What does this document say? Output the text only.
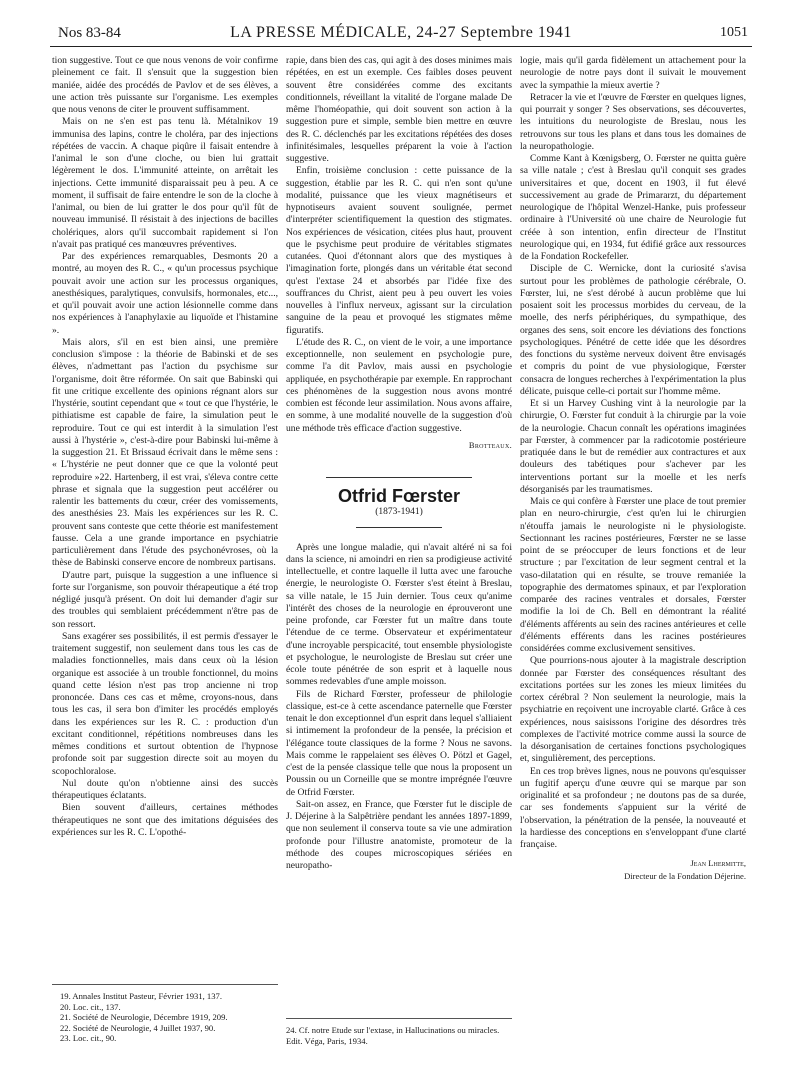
Nos 83-84	LA PRESSE MÉDICALE, 24-27 Septembre 1941	1051

tion suggestive. Tout ce que nous venons de voir confirme pleinement ce fait. Il s'ensuit que la suggestion bien maniée, aidée des procédés de Pavlov et de ses élèves, a une action très puissante sur l'organisme. Les exemples que nous venons de citer le prouvent suffisamment.

Mais on ne s'en est pas tenu là. Métalnikov 19 immunisa des lapins, contre le choléra, par des injections répétées de vaccin. A chaque piqûre il faisait entendre à l'animal le son d'une cloche, ou bien lui grattait légèrement le dos. L'immunité atteinte, on arrêtait les injections. Cette immunité disparaissait peu à peu. A ce moment, il suffisait de faire entendre le son de la cloche à l'animal, ou bien de lui gratter le dos pour qu'il fût de nouveau immunisé. Il résistait à des injections de bacilles cholériques, alors qu'il succombait rapidement si l'on n'avait pas pratiqué ces manœuvres préventives.

Par des expériences remarquables, Desmonts 20 a montré, au moyen des R. C., « qu'un processus psychique pouvait avoir une action sur les processus organiques, anesthésiques, paralytiques, convulsifs, hormonales, etc..., et qu'il pouvait avoir une action lésionnelle comme dans nos expériences à l'anaphylaxie au liquoïde et l'histamine ».

Mais alors, s'il en est bien ainsi, une première conclusion s'impose : la théorie de Babinski et de ses élèves, n'admettant pas l'action du psychisme sur l'organisme, doit être réformée. On sait que Babinski qui fit une critique excellente des opinions régnant alors sur l'hystérie, soutint cependant que « tout ce que l'hystérie, le pithiatisme est capable de faire, la simulation peut le reproduire. Tout ce qui est interdit à la simulation l'est aussi à l'hystérie », c'est-à-dire pour Babinski lui-même à la suggestion 21. Et Brissaud écrivait dans le même sens : « L'hystérie ne peut donner que ce que la volonté peut reproduire »22. Hartenberg, il est vrai, s'éleva contre cette phrase et signala que la suggestion peut accélérer ou ralentir les battements du cœur, créer des vomissements, des anesthésies 23. Mais les expériences sur les R. C. prouvent sans conteste que cette théorie est manifestement fausse. Cela a une grande importance en psychiatrie particulièrement dans l'étude des psychonévroses, où la thèse de Babinski conserve encore de nombreux partisans.

D'autre part, puisque la suggestion a une influence si forte sur l'organisme, son pouvoir thérapeutique a été trop négligé jusqu'à présent. On doit lui demander d'agir sur des troubles qui semblaient précédemment n'être pas de son ressort.

Sans exagérer ses possibilités, il est permis d'essayer le traitement suggestif, non seulement dans tous les cas de maladies fonctionnelles, mais dans ceux où la lésion organique est associée à un trouble fonctionnel, du moins quand cette lésion n'est pas trop ancienne ni trop prononcée. Dans ces cas et même, croyons-nous, dans tous les cas, il sera bon d'imiter les procédés employés dans les expériences sur les R. C. : production d'un excitant conditionnel, répétitions nombreuses dans les mêmes conditions et surtout obtention de l'hypnose profonde soit par suggestion directe soit au moyen du scopochloralose.

Nul doute qu'on n'obtienne ainsi des succès thérapeutiques éclatants.

Bien souvent d'ailleurs, certaines méthodes thérapeutiques ne sont que des imitations déguisées des expériences sur les R. C. L'opothé-

19. Annales Institut Pasteur, Février 1931, 137.
20. Loc. cit., 137.
21. Société de Neurologie, Décembre 1919, 209.
22. Société de Neurologie, 4 Juillet 1937, 90.
23. Loc. cit., 90.

rapie, dans bien des cas, qui agit à des doses minimes mais répétées, en est un exemple. Ces faibles doses peuvent souvent être considérées comme des excitants conditionnels, réveillant la vitalité de l'organe malade De même l'homéopathie, qui doit souvent son action à la suggestion pure et simple, semble bien mettre en œuvre des R. C. déclenchés par les excitations répétées des doses infinitésimales, lesquelles préparent la voie à l'action suggestive.

Enfin, troisième conclusion : cette puissance de la suggestion, établie par les R. C. qui n'en sont qu'une modalité, puissance que les vieux magnétiseurs et hypnotiseurs avaient souvent soulignée, permet d'interpréter scientifiquement la question des stigmates. Nos expériences de vésication, citées plus haut, prouvent que le psychisme peut produire de véritables stigmates cutanées. Quoi d'étonnant alors que des mystiques à l'imagination forte, plongés dans un véritable état second qu'est l'extase 24 et absorbés par l'idée fixe des souffrances du Christ, aient peu à peu ouvert les voies nouvelles à l'influx nerveux, agissant sur la circulation sanguine de la peau et provoqué les stigmates même figuratifs.

L'étude des R. C., on vient de le voir, a une importance exceptionnelle, non seulement en psychologie pure, comme l'a dit Pavlov, mais aussi en psychologie appliquée, en psychothérapie par exemple. En rapprochant ces phénomènes de la suggestion nous avons montré combien est féconde leur assimilation. Nous avons affaire, en somme, à une modalité nouvelle de la suggestion d'où une méthode très efficace d'action suggestive.

Brotteaux.

Otfrid Fœrster
(1873-1941)

Après une longue maladie, qui n'avait altéré ni sa foi dans la science, ni amoindri en rien sa prodigieuse activité intellectuelle, et contre laquelle il lutta avec une farouche énergie, le neurologiste O. Fœrster s'est éteint à Breslau, sa ville natale, le 15 Juin dernier. Tous ceux qu'anime l'intérêt des choses de la neurologie en éprouveront une peine profonde, car Fœrster fut un maître dans toute l'étendue de ce terme. Observateur et expérimentateur d'une incroyable perspicacité, tout ensemble physiologiste et psychologue, le neurologiste de Breslau sut créer une école toute pénétrée de son esprit et à laquelle nous sommes redevables d'une ample moisson.

Fils de Richard Fœrster, professeur de philologie classique, est-ce à cette ascendance paternelle que Fœrster tenait le don exceptionnel d'un esprit dans lequel s'alliaient si intimement la profondeur de la pensée, la précision et l'élégance toute classiques de la forme ? Nous ne savons. Mais comme le rappelaient ses élèves O. Pötzl et Gagel, c'est de la pensée classique telle que nous la proposent un Poussin ou un Corneille que se montre imprégnée l'œuvre de Otfrid Fœrster.

Sait-on assez, en France, que Fœrster fut le disciple de J. Déjerine à la Salpêtrière pendant les années 1897-1899, que non seulement il conserva toute sa vie une admiration profonde pour l'illustre anatomiste, promoteur de la méthode des coupes microscopiques sériées en neuropatho-

24. Cf. notre Etude sur l'extase, in Hallucinations ou miracles. Edit. Véga, Paris, 1934.

logie, mais qu'il garda fidèlement un attachement pour la neurologie de notre pays dont il suivait le mouvement avec la sympathie la mieux avertie ?

Retracer la vie et l'œuvre de Fœrster en quelques lignes, qui pourrait y songer ? Ses observations, ses découvertes, les intuitions du neurologiste de Breslau, nous les retrouvons sur tous les plans et dans tous les domaines de la neuropathologie.

Comme Kant à Kœnigsberg, O. Fœrster ne quitta guère sa ville natale ; c'est à Breslau qu'il conquit ses grades universitaires et que, docent en 1903, il fut élevé successivement au grade de Primararzt, du département neurologique de l'hôpital Wenzel-Hanke, puis professeur ordinaire à l'Université où une chaire de Neurologie fut créée à son intention, enfin directeur de l'Institut neurologique qui, en 1934, fut édifié grâce aux ressources de la Fondation Rockefeller.

Disciple de C. Wernicke, dont la curiosité s'avisa surtout pour les problèmes de pathologie cérébrale, O. Fœrster, lui, ne s'est dérobé à aucun problème que lui posaient soit les processus morbides du cerveau, de la moelle, des nerfs périphériques, du sympathique, des organes des sens, soit encore les déviations des fonctions psychologiques. Pénétré de cette idée que les désordres des fonctions du système nerveux doivent être envisagés et compris du point de vue physiologique, Fœrster consacra de longues recherches à l'expérimentation la plus délicate, puisque celle-ci portait sur l'homme même.

Et si un Harvey Cushing vint à la neurologie par la chirurgie, O. Fœrster fut conduit à la chirurgie par la voie de la neurologie. Chacun connaît les opérations imaginées par Fœrster, à commencer par la radicotomie postérieure pratiquée dans le but de remédier aux contractures et aux douleurs des tabétiques pour s'achever par les interventions portant sur la moelle et les nerfs désorganisés par les traumatismes.

Mais ce qui confère à Fœrster une place de tout premier plan en neuro-chirurgie, c'est qu'en lui le chirurgien n'étouffa jamais le neurologiste ni le physiologiste. Sectionnant les racines postérieures, Fœrster ne se lasse point de se préoccuper de leurs fonctions et de leur structure ; par l'excitation de leur segment central et la vaso-dilatation qui en résulte, se trouve remaniée la topographie des dermatomes spinaux, et par l'exploration comparée des racines ventrales et dorsales, Fœrster modifie la loi de Ch. Bell en démontrant la réalité d'éléments afférents au sein des racines antérieures et celle d'éléments efférents dans les racines postérieures considérées comme exclusivement sensitives.

Que pourrions-nous ajouter à la magistrale description donnée par Fœrster des conséquences résultant des excitations portées sur les zones les mieux limitées du cortex cérébral ? Non seulement la neurologie, mais la psychiatrie en reçoivent une incroyable clarté. Grâce à ces expériences, nous saisissons l'origine des désordres très complexes de l'activité motrice comme aussi la source de la désorganisation de certaines fonctions psychologiques et, singulièrement, des perceptions.

En ces trop brèves lignes, nous ne pouvons qu'esquisser un fugitif aperçu d'une œuvre qui se marque par son originalité et sa profondeur ; ne doutons pas de sa durée, car ses fondements s'appuient sur la vérité de l'observation, la pénétration de la pensée, la nouveauté et la hardiesse des conceptions en s'enveloppant d'une clarté française.

Jean Lhermitte,

Directeur de la Fondation Déjerine.
